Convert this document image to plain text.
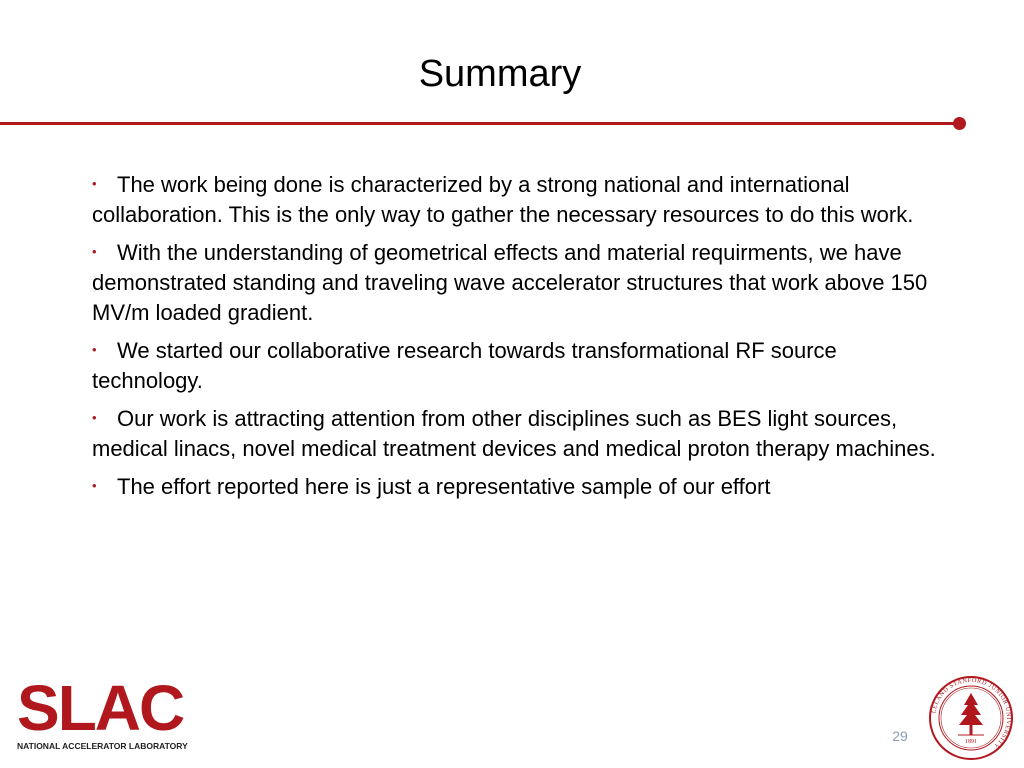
Summary
• The work being done is characterized by a strong national and international collaboration. This is the only way to gather the necessary resources to do this work.
• With the understanding of geometrical effects and material requirments, we have demonstrated standing and traveling wave accelerator structures that work above 150 MV/m loaded gradient.
• We started our collaborative research towards transformational RF source technology.
• Our work is attracting attention from other disciplines such as BES light sources, medical linacs, novel medical treatment devices and medical proton therapy machines.
• The effort reported here is just a representative sample of our effort
SLAC
NATIONAL ACCELERATOR LABORATORY
29
LELAND STANFORD JUNIOR UNIVERSITY
1891
